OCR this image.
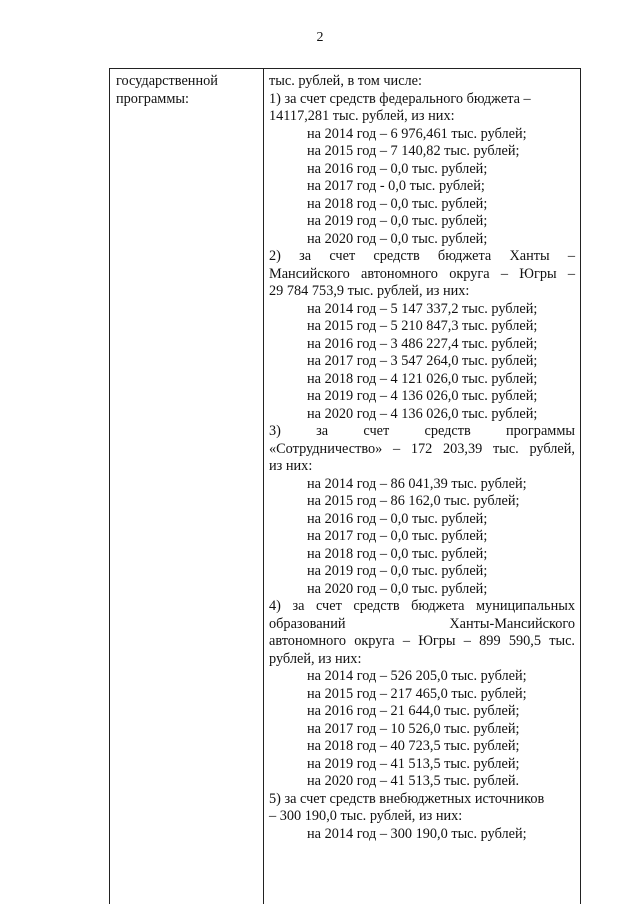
2
государственной
программы:
тыс. рублей, в том числе:
1) за счет средств федерального бюджета –
14117,281 тыс. рублей, из них:
на 2014 год – 6 976,461 тыс. рублей;
на 2015 год – 7 140,82 тыс. рублей;
на 2016 год – 0,0 тыс. рублей;
на 2017 год - 0,0 тыс. рублей;
на 2018 год – 0,0 тыс. рублей;
на 2019 год – 0,0 тыс. рублей;
на 2020 год – 0,0 тыс. рублей;
2) за счет средств бюджета Ханты –
Мансийского автономного округа – Югры –
29 784 753,9 тыс. рублей, из них:
на 2014 год – 5 147 337,2 тыс. рублей;
на 2015 год – 5 210 847,3 тыс. рублей;
на 2016 год – 3 486 227,4 тыс. рублей;
на 2017 год – 3 547 264,0 тыс. рублей;
на 2018 год – 4 121 026,0 тыс. рублей;
на 2019 год – 4 136 026,0 тыс. рублей;
на 2020 год – 4 136 026,0 тыс. рублей;
3) за счет средств программы
«Сотрудничество» – 172 203,39 тыс. рублей,
из них:
на 2014 год – 86 041,39 тыс. рублей;
на 2015 год – 86 162,0 тыс. рублей;
на 2016 год – 0,0 тыс. рублей;
на 2017 год – 0,0 тыс. рублей;
на 2018 год – 0,0 тыс. рублей;
на 2019 год – 0,0 тыс. рублей;
на 2020 год – 0,0 тыс. рублей;
4) за счет средств бюджета муниципальных
образований Ханты-Мансийского
автономного округа – Югры – 899 590,5 тыс.
рублей, из них:
на 2014 год – 526 205,0 тыс. рублей;
на 2015 год – 217 465,0 тыс. рублей;
на 2016 год – 21 644,0 тыс. рублей;
на 2017 год – 10 526,0 тыс. рублей;
на 2018 год – 40 723,5 тыс. рублей;
на 2019 год – 41 513,5 тыс. рублей;
на 2020 год – 41 513,5 тыс. рублей.
5) за счет средств внебюджетных источников
– 300 190,0 тыс. рублей, из них:
на 2014 год – 300 190,0 тыс. рублей;
